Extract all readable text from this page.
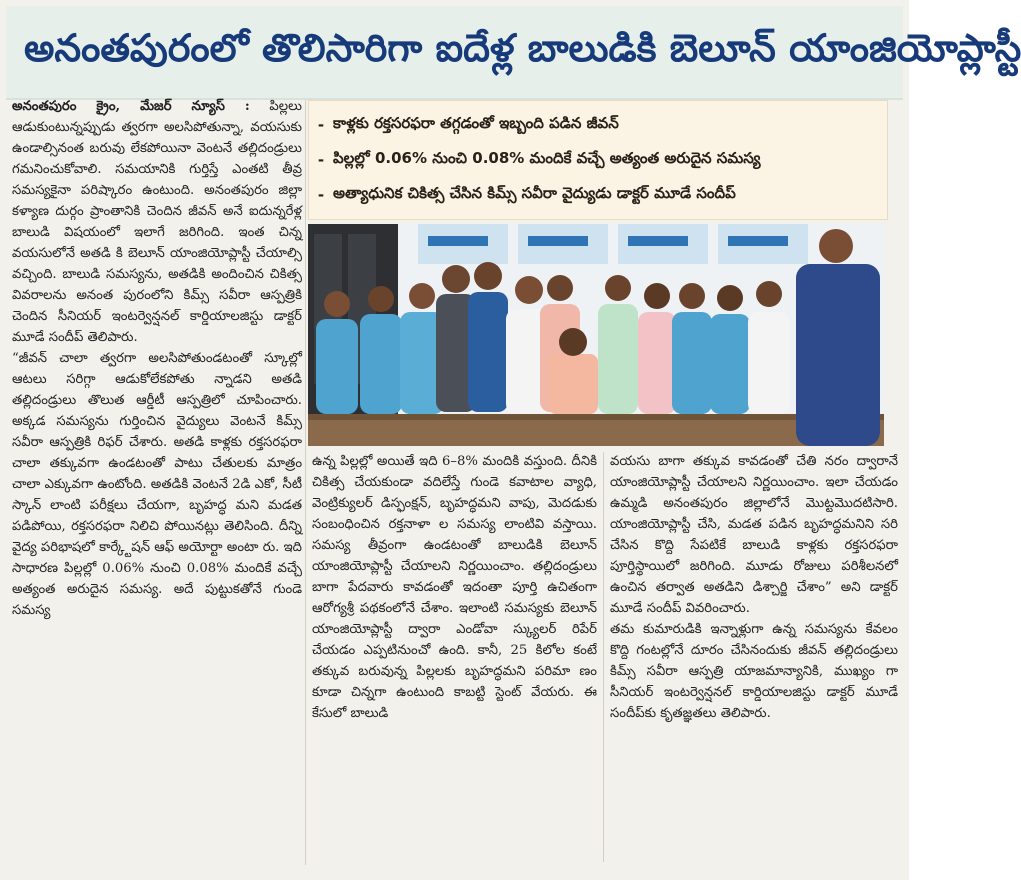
అనంతపురంలో తొలిసారిగా ఐదేళ్ల బాలుడికి బెలూన్ యాంజియోప్లాస్టీ
అనంతపురం క్రైం, మేజర్ న్యూస్ : పిల్లలు ఆడుకుంటున్నప్పుడు త్వరగా అలసిపోతున్నా, వయసుకు ఉండాల్సినంత బరువు లేకపోయినా వెంటనే తల్లిదండ్రులు గమనించుకోవాలి. సమయానికి గుర్తిస్తే ఎంతటి తీవ్ర సమస్యకైనా పరిష్కారం ఉంటుంది. అనంతపురం జిల్లా కళ్యాణ దుర్గం ప్రాంతానికి చెందిన జీవన్ అనే ఐదున్నరేళ్ల బాలుడి విషయంలో ఇలాగే జరిగింది. ఇంత చిన్న వయసులోనే అతడి కి బెలూన్ యాంజియోప్లాస్టీ చేయాల్సి వచ్చింది. బాలుడి సమస్యను, అతడికి అందించిన చికిత్స వివరాలను అనంత పురంలోని కిమ్స్ సవీరా ఆస్పత్రికి చెందిన సీనియర్ ఇంటర్వెన్షనల్ కార్డియాలజిస్టు డాక్టర్ మూడే సందీప్ తెలిపారు.
“జీవన్ చాలా త్వరగా అలసిపోతుండటంతో స్కూల్లో ఆటలు సరిగ్గా ఆడుకోలేకపోతు న్నాడని అతడి తల్లిదండ్రులు తొలుత ఆర్డీటీ ఆస్పత్రిలో చూపించారు. అక్కడ సమస్యను గుర్తించిన వైద్యులు వెంటనే కిమ్స్ సవీరా ఆస్పత్రికి రిఫర్ చేశారు. అతడి కాళ్లకు రక్తసరఫరా చాలా తక్కువగా ఉండటంతో పాటు చేతులకు మాత్రం చాలా ఎక్కువగా ఉంటోంది. అతడికి వెంటనే 2డి ఎకో, సీటీ స్కాన్ లాంటి పరీక్షలు చేయగా, బృహద్ధ మని మడత పడిపోయి, రక్తసరఫరా నిలిచి పోయినట్లు తెలిసింది. దీన్ని వైద్య పరిభాషలో కార్క్టేషన్ ఆఫ్ అయోర్టా అంటా రు. ఇది సాధారణ పిల్లల్లో 0.06% నుంచి 0.08% మందికే వచ్చే అత్యంత అరుదైన సమస్య. అదే పుట్టుకతోనే గుండె సమస్య
- కాళ్లకు రక్తసరఫరా తగ్గడంతో ఇబ్బంది పడిన జీవన్
- పిల్లల్లో 0.06% నుంచి 0.08% మందికే వచ్చే అత్యంత అరుదైన సమస్య
- అత్యాధునిక చికిత్స చేసిన కిమ్స్ సవీరా వైద్యుడు డాక్టర్ మూడే సందీప్
ఉన్న పిల్లల్లో అయితే ఇది 6–8% మందికి వస్తుంది. దీనికి చికిత్స చేయకుండా వదిలేస్తే గుండె కవాటాల వ్యాధి, వెంట్రిక్యులర్ డిస్ఫంక్షన్, బృహద్ధమని వాపు, మెదడుకు సంబంధించిన రక్తనాళా ల సమస్య లాంటివి వస్తాయి. సమస్య తీవ్రంగా ఉండటంతో బాలుడికి బెలూన్ యాంజియోప్లాస్టీ చేయాలని నిర్ణయించాం. తల్లిదండ్రులు బాగా పేదవారు కావడంతో ఇదంతా పూర్తి ఉచితంగా ఆరోగ్యశ్రీ పథకంలోనే చేశాం. ఇలాంటి సమస్యకు బెలూన్ యాంజియోప్లాస్టీ ద్వారా ఎండోవా స్క్యులర్ రిపేర్ చేయడం ఎప్పటినుంచో ఉంది. కానీ, 25 కిలోల కంటే తక్కువ బరువున్న పిల్లలకు బృహద్ధమని పరిమా ణం కూడా చిన్నగా ఉంటుంది కాబట్టి స్టెంట్ వేయరు. ఈ కేసులో బాలుడి
వయసు బాగా తక్కువ కావడంతో చేతి నరం ద్వారానే యాంజియోప్లాస్టీ చేయాలని నిర్ణయించాం. ఇలా చేయడం ఉమ్మడి అనంతపురం జిల్లాలోనే మొట్టమొదటిసారి. యాంజియోప్లాస్టీ చేసి, మడత పడిన బృహద్ధమనిని సరి చేసిన కొద్ది సేపటికే బాలుడి కాళ్లకు రక్తసరఫరా పూర్తిస్థాయిలో జరిగింది. మూడు రోజులు పరిశీలనలో ఉంచిన తర్వాత అతడిని డిశ్చార్జి చేశాం” అని డాక్టర్ మూడే సందీప్ వివరించారు.
తమ కుమారుడికి ఇన్నాళ్లుగా ఉన్న సమస్యను కేవలం కొద్ది గంటల్లోనే దూరం చేసినందుకు జీవన్ తల్లిదండ్రులు కిమ్స్ సవీరా ఆస్పత్రి యాజమాన్యానికి, ముఖ్యం గా సీనియర్ ఇంటర్వెన్షనల్ కార్డియాలజిస్టు డాక్టర్ మూడే సందీప్‌కు కృతజ్ఞతలు తెలిపారు.
